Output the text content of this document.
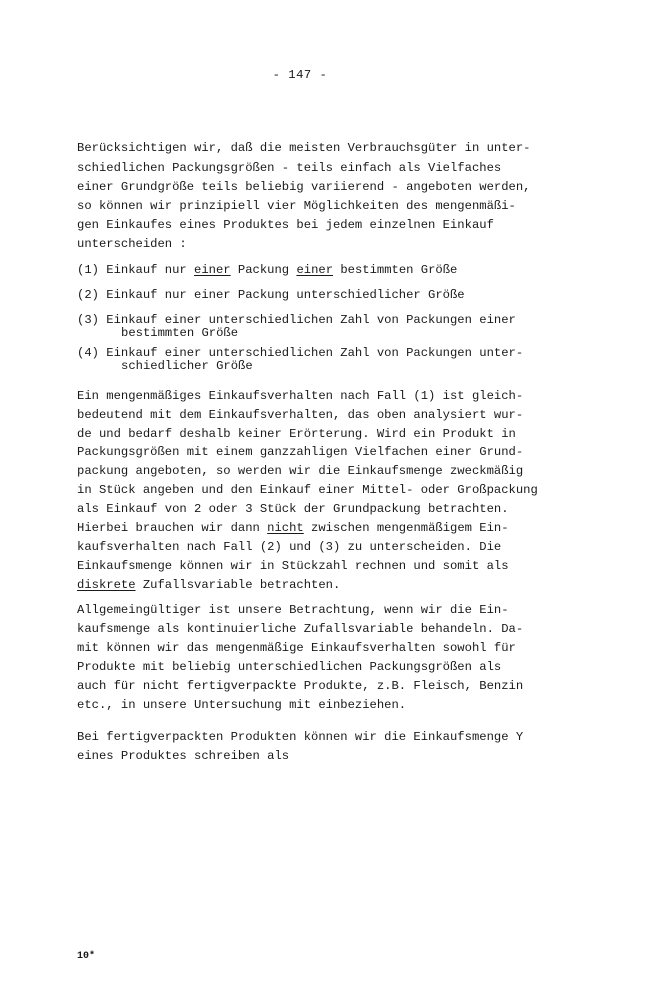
- 147 -
Berücksichtigen wir, daß die meisten Verbrauchsgüter in unter-
schiedlichen Packungsgrößen - teils einfach als Vielfaches
einer Grundgröße teils beliebig variierend - angeboten werden,
so können wir prinzipiell vier Möglichkeiten des mengenmäßi-
gen Einkaufes eines Produktes bei jedem einzelnen Einkauf
unterscheiden :
(1) Einkauf nur einer Packung einer bestimmten Größe
(2) Einkauf nur einer Packung unterschiedlicher Größe
(3) Einkauf einer unterschiedlichen Zahl von Packungen einer
bestimmten Größe
(4) Einkauf einer unterschiedlichen Zahl von Packungen unter-
schiedlicher Größe
Ein mengenmäßiges Einkaufsverhalten nach Fall (1) ist gleich-
bedeutend mit dem Einkaufsverhalten, das oben analysiert wur-
de und bedarf deshalb keiner Erörterung. Wird ein Produkt in
Packungsgrößen mit einem ganzzahligen Vielfachen einer Grund-
packung angeboten, so werden wir die Einkaufsmenge zweckmäßig
in Stück angeben und den Einkauf einer Mittel- oder Großpackung
als Einkauf von 2 oder 3 Stück der Grundpackung betrachten.
Hierbei brauchen wir dann nicht zwischen mengenmäßigem Ein-
kaufsverhalten nach Fall (2) und (3) zu unterscheiden. Die
Einkaufsmenge können wir in Stückzahl rechnen und somit als
diskrete Zufallsvariable betrachten.
Allgemeingültiger ist unsere Betrachtung, wenn wir die Ein-
kaufsmenge als kontinuierliche Zufallsvariable behandeln. Da-
mit können wir das mengenmäßige Einkaufsverhalten sowohl für
Produkte mit beliebig unterschiedlichen Packungsgrößen als
auch für nicht fertigverpackte Produkte, z.B. Fleisch, Benzin
etc., in unsere Untersuchung mit einbeziehen.
Bei fertigverpackten Produkten können wir die Einkaufsmenge Y
eines Produktes schreiben als
10*
